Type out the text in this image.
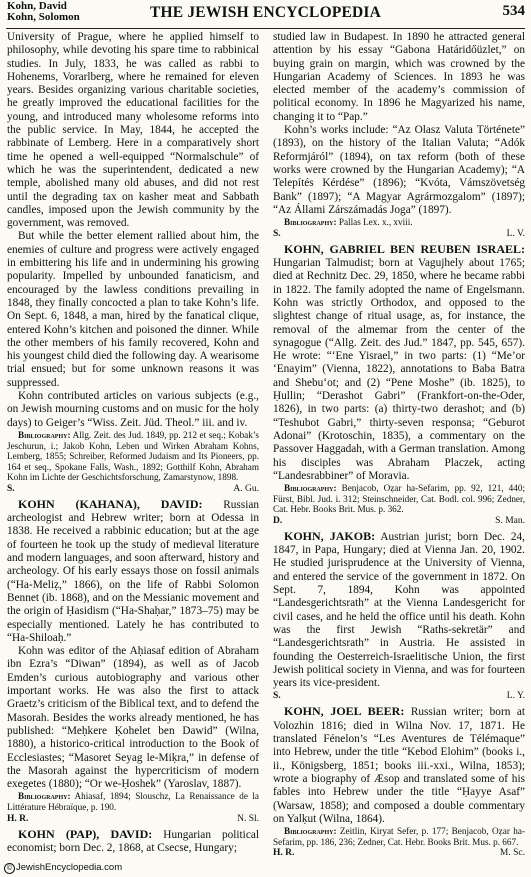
Kohn, David
Kohn, Solomon	THE JEWISH ENCYCLOPEDIA	534

University of Prague, where he applied himself to philosophy, while devoting his spare time to rabbinical studies. In July, 1833, he was called as rabbi to Hohenems, Vorarlberg, where he remained for eleven years. Besides organizing various charitable societies, he greatly improved the educational facilities for the young, and introduced many wholesome reforms into the public service. In May, 1844, he accepted the rabbinate of Lemberg. Here in a comparatively short time he opened a well-equipped “Normalschule” of which he was the superintendent, dedicated a new temple, abolished many old abuses, and did not rest until the degrading tax on kasher meat and Sabbath candles, imposed upon the Jewish community by the government, was removed.

But while the better element rallied about him, the enemies of culture and progress were actively engaged in embittering his life and in undermining his growing popularity. Impelled by unbounded fanaticism, and encouraged by the lawless conditions prevailing in 1848, they finally concocted a plan to take Kohn’s life. On Sept. 6, 1848, a man, hired by the fanatical clique, entered Kohn’s kitchen and poisoned the dinner. While the other members of his family recovered, Kohn and his youngest child died the following day. A wearisome trial ensued; but for some unknown reasons it was suppressed.

Kohn contributed articles on various subjects (e.g., on Jewish mourning customs and on music for the holy days) to Geiger’s “Wiss. Zeit. Jüd. Theol.” iii. and iv.

Bibliography: Allg. Zeit. des Jud. 1849, pp. 212 et seq.; Kobak’s Jeschurun, i.; Jakob Kohn, Leben und Wirken Abraham Kohns, Lemberg, 1855; Schreiber, Reformed Judaism and Its Pioneers, pp. 164 et seq., Spokane Falls, Wash., 1892; Gotthilf Kohn, Abraham Kohn im Lichte der Geschichtsforschung, Zamarstynow, 1898.

S.	A. Gu.

KOHN (KAHANA), DAVID: Russian archeologist and Hebrew writer; born at Odessa in 1838. He received a rabbinic education; but at the age of fourteen he took up the study of medieval literature and modern languages, and soon afterward, history and archeology. Of his early essays those on fossil animals (“Ha-Meliẓ,” 1866), on the life of Rabbi Solomon Bennet (ib. 1868), and on the Messianic movement and the origin of Ḥasidism (“Ha-Shaḥar,” 1873–75) may be especially mentioned. Lately he has contributed to “Ha-Shiloaḥ.”

Kohn was editor of the Aḥiasaf edition of Abraham ibn Ezra’s “Diwan” (1894), as well as of Jacob Emden’s curious autobiography and various other important works. He was also the first to attack Graetz’s criticism of the Biblical text, and to defend the Masorah. Besides the works already mentioned, he has published: “Meḥkere Ḳohelet ben Dawid” (Wilna, 1880), a historico-critical introduction to the Book of Ecclesiastes; “Masoret Seyag le-Miḳra,” in defense of the Masorah against the hypercriticism of modern exegetes (1880); “Or we-Ḥoshek” (Yaroslav, 1887).

Bibliography: Ahiasaf, 1894; Slouschz, La Renaissance de la Littérature Hébraïque, p. 190.

H. R.	N. Sl.

KOHN (PAP), DAVID: Hungarian political economist; born Dec. 2, 1868, at Csecse, Hungary;

studied law in Budapest. In 1890 he attracted general attention by his essay “Gabona Határidőüzlet,” on buying grain on margin, which was crowned by the Hungarian Academy of Sciences. In 1893 he was elected member of the academy’s commission of political economy. In 1896 he Magyarized his name, changing it to “Pap.”

Kohn’s works include: “Az Olasz Valuta Története” (1893), on the history of the Italian Valuta; “Adók Reformjáról” (1894), on tax reform (both of these works were crowned by the Hungarian Academy); “A Telepítés Kérdése” (1896); “Kvóta, Vámszövetség Bank” (1897); “A Magyar Agrármozgalom” (1897); “Az Állami Zárszámadás Joga” (1897).

Bibliography: Pallas Lex. x., xviii.

S.	L. V.

KOHN, GABRIEL BEN REUBEN ISRAEL: Hungarian Talmudist; born at Vagujhely about 1765; died at Rechnitz Dec. 29, 1850, where he became rabbi in 1822. The family adopted the name of Engelsmann. Kohn was strictly Orthodox, and opposed to the slightest change of ritual usage, as, for instance, the removal of the almemar from the center of the synagogue (“Allg. Zeit. des Jud.” 1847, pp. 545, 657). He wrote: “‘Ene Yisrael,” in two parts: (1) “Me’or ‘Enayim” (Vienna, 1822), annotations to Baba Batra and Shebu‘ot; and (2) “Pene Moshe” (ib. 1825), to Ḥullin; “Derashot Gabri” (Frankfort-on-the-Oder, 1826), in two parts: (a) thirty-two derashot; and (b) “Teshubot Gabri,” thirty-seven responsa; “Geburot Adonai” (Krotoschin, 1835), a commentary on the Passover Haggadah, with a German translation. Among his disciples was Abraham Placzek, acting “Landesrabbiner” of Moravia.

Bibliography: Benjacob, Oẓar ha-Sefarim, pp. 92, 121, 440; Fürst, Bibl. Jud. i. 312; Steinschneider, Cat. Bodl. col. 996; Zedner, Cat. Hebr. Books Brit. Mus. p. 362.

D.	S. Man.

KOHN, JAKOB: Austrian jurist; born Dec. 24, 1847, in Papa, Hungary; died at Vienna Jan. 20, 1902. He studied jurisprudence at the University of Vienna, and entered the service of the government in 1872. On Sept. 7, 1894, Kohn was appointed “Landesgerichtsrath” at the Vienna Landesgericht for civil cases, and he held the office until his death. Kohn was the first Jewish “Raths-sekretär” and “Landesgerichtsrath” in Austria. He assisted in founding the Oesterreich-Israelitische Union, the first Jewish political society in Vienna, and was for fourteen years its vice-president.

S.	L. Y.

KOHN, JOEL BEER: Russian writer; born at Volozhin 1816; died in Wilna Nov. 17, 1871. He translated Fénelon’s “Les Aventures de Télémaque” into Hebrew, under the title “Kebod Elohim” (books i., ii., Königsberg, 1851; books iii.-xxi., Wilna, 1853); wrote a biography of Æsop and translated some of his fables into Hebrew under the title “Ḥayye Asaf” (Warsaw, 1858); and composed a double commentary on Yalḳut (Wilna, 1864).

Bibliography: Zeitlin, Kiryat Sefer, p. 177; Benjacob, Oẓar ha-Sefarim, pp. 186, 236; Zedner, Cat. Hebr. Books Brit. Mus. p. 667.

H. R.	M. Sc.
© JewishEncyclopedia.com
